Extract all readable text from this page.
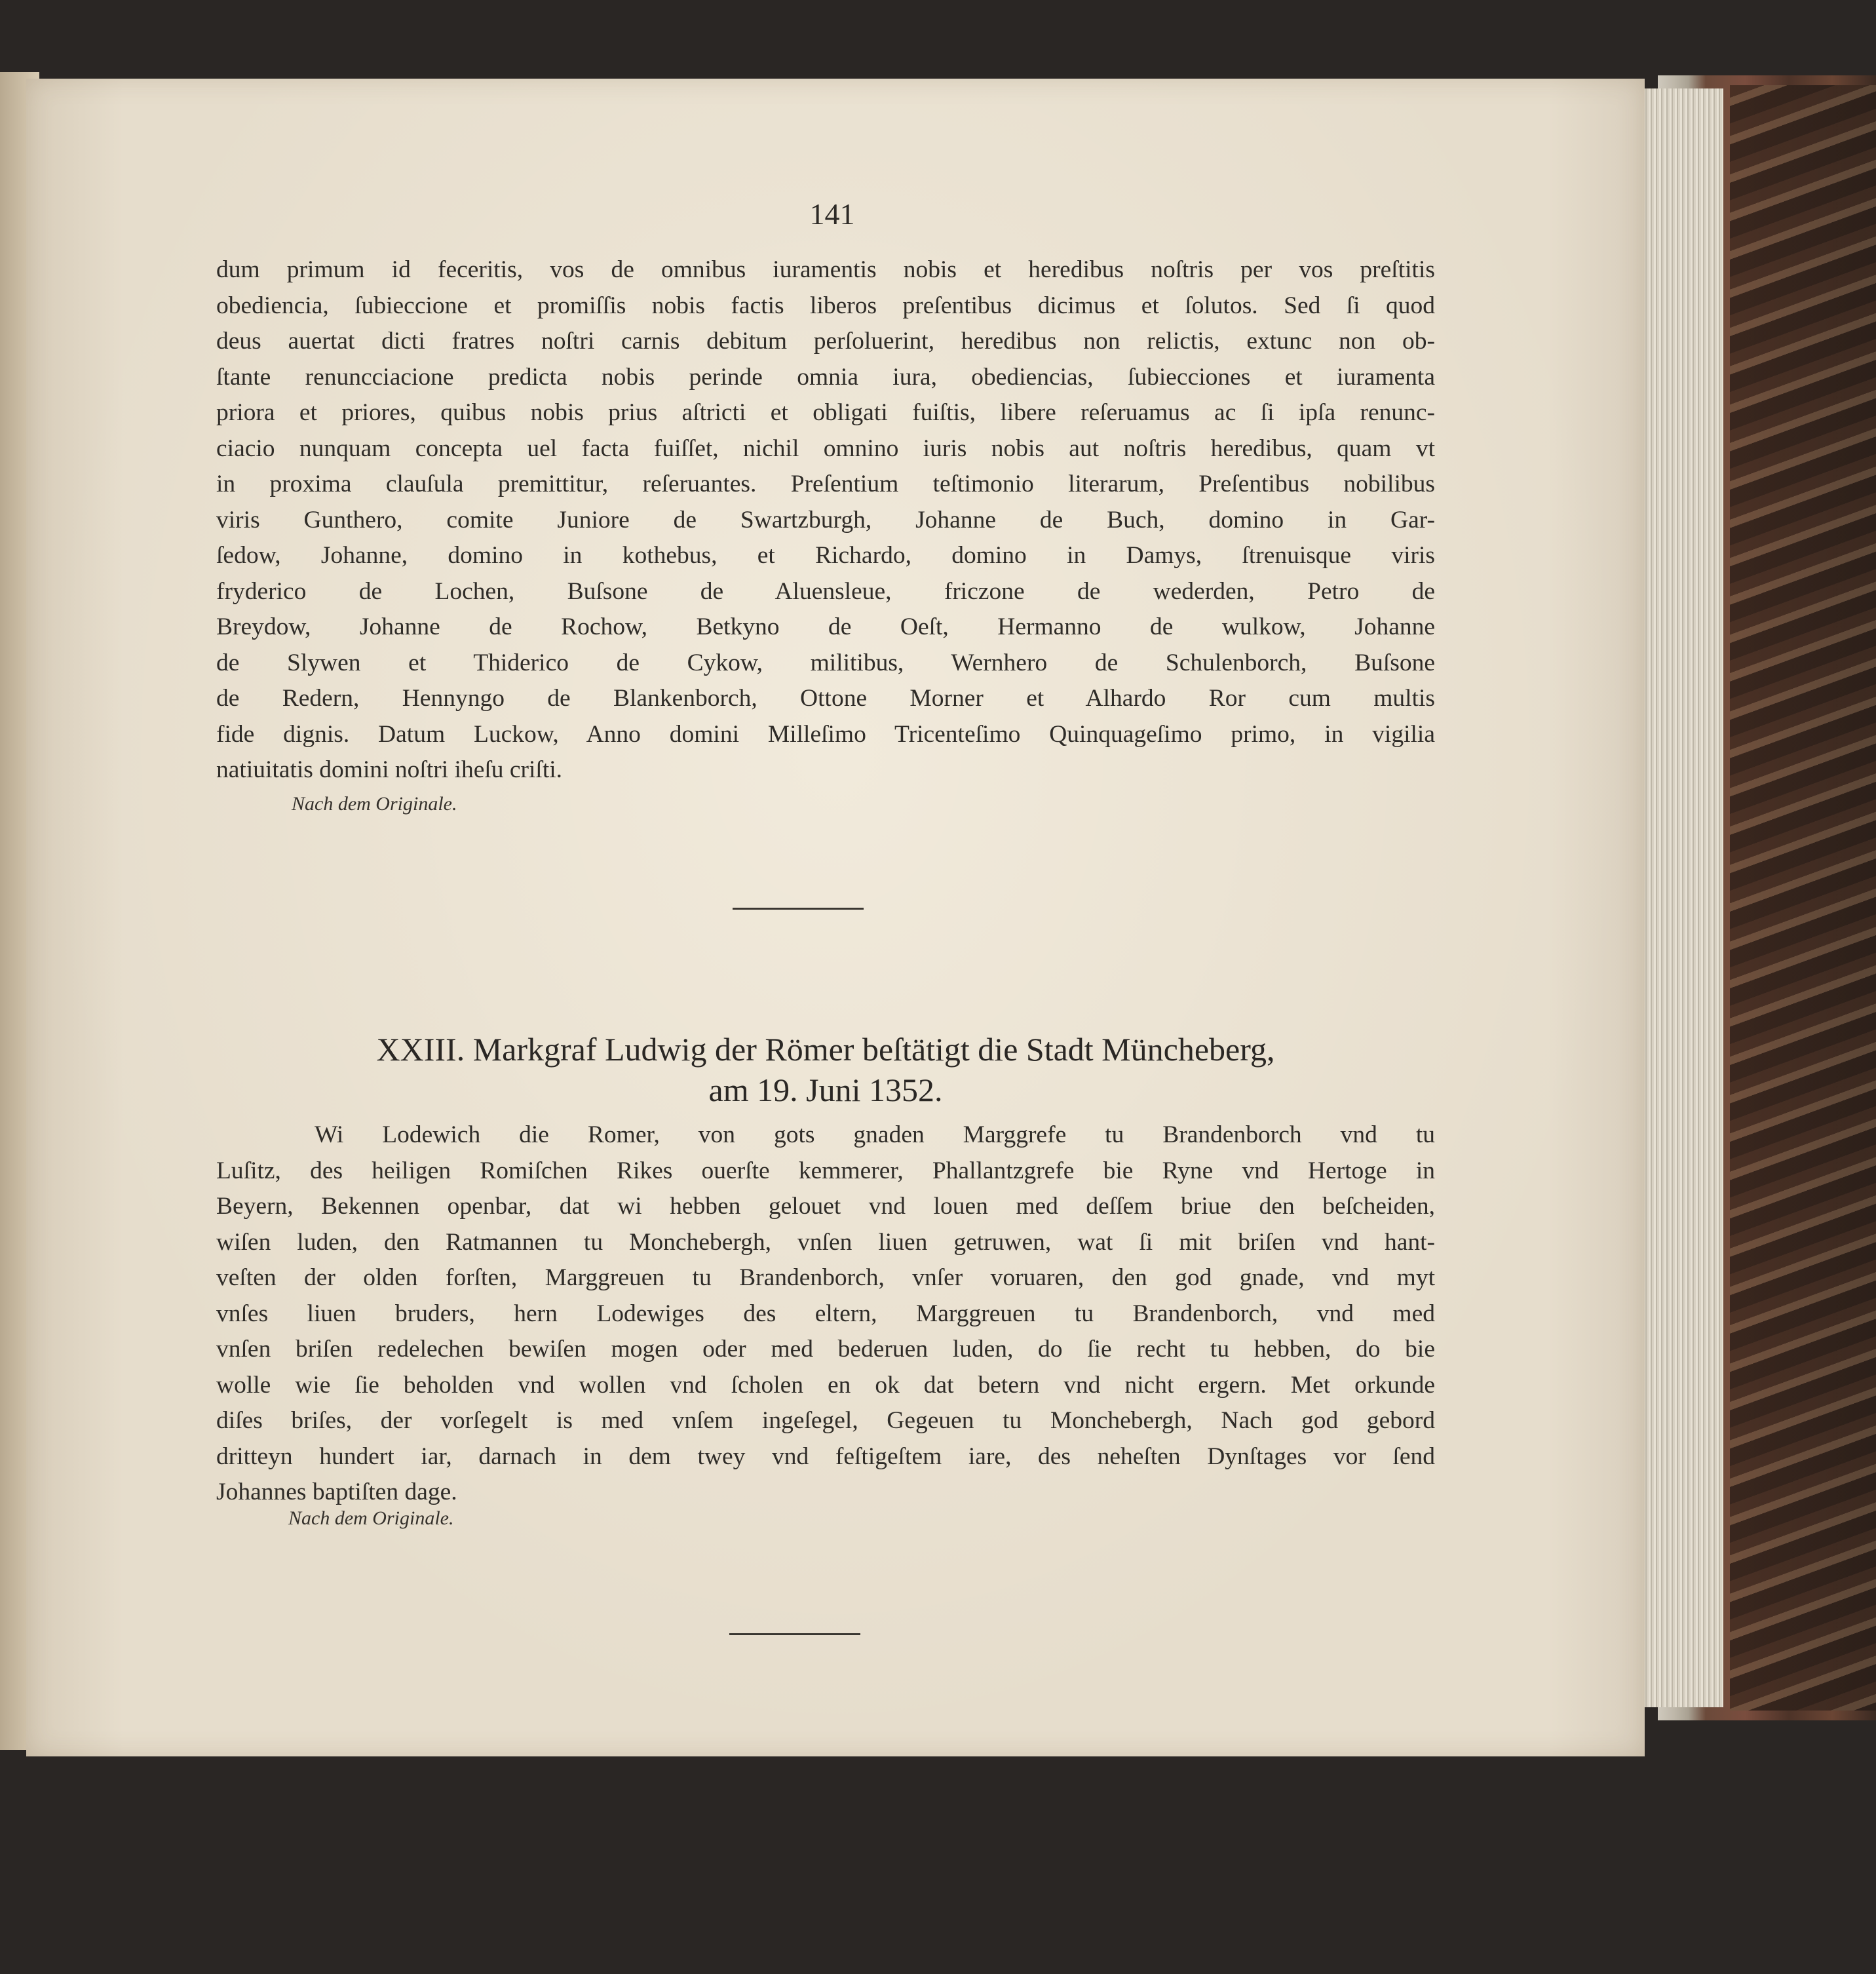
141
dum primum id feceritis, vos de omnibus iuramentis nobis et heredibus noſtris per vos preſtitis
obediencia, ſubieccione et promiſſis nobis factis liberos preſentibus dicimus et ſolutos. Sed ſi quod
deus auertat dicti fratres noſtri carnis debitum perſoluerint, heredibus non relictis, extunc non ob-
ſtante renuncciacione predicta nobis perinde omnia iura, obediencias, ſubiecciones et iuramenta
priora et priores, quibus nobis prius aſtricti et obligati fuiſtis, libere reſeruamus ac ſi ipſa renunc-
ciacio nunquam concepta uel facta fuiſſet, nichil omnino iuris nobis aut noſtris heredibus, quam vt
in proxima clauſula premittitur, reſeruantes. Preſentium teſtimonio literarum, Preſentibus nobilibus
viris Gunthero, comite Juniore de Swartzburgh, Johanne de Buch, domino in Gar-
ſedow, Johanne, domino in kothebus, et Richardo, domino in Damys, ſtrenuisque viris
fryderico de Lochen, Buſsone de Aluensleue, friczone de wederden, Petro de
Breydow, Johanne de Rochow, Betkyno de Oeſt, Hermanno de wulkow, Johanne
de Slywen et Thiderico de Cykow, militibus, Wernhero de Schulenborch, Buſsone
de Redern, Hennyngo de Blankenborch, Ottone Morner et Alhardo Ror cum multis
fide dignis. Datum Luckow, Anno domini Milleſimo Tricenteſimo Quinquageſimo primo, in vigilia
natiuitatis domini noſtri iheſu criſti.
Nach dem Originale.
XXIII. Markgraf Ludwig der Römer beſtätigt die Stadt Müncheberg,
am 19. Juni 1352.
Wi Lodewich die Romer, von gots gnaden Marggrefe tu Brandenborch vnd tu
Luſitz, des heiligen Romiſchen Rikes ouerſte kemmerer, Phallantzgrefe bie Ryne vnd Hertoge in
Beyern, Bekennen openbar, dat wi hebben gelouet vnd louen med deſſem briue den beſcheiden,
wiſen luden, den Ratmannen tu Monchebergh, vnſen liuen getruwen, wat ſi mit briſen vnd hant-
veſten der olden forſten, Marggreuen tu Brandenborch, vnſer voruaren, den god gnade, vnd myt
vnſes liuen bruders, hern Lodewiges des eltern, Marggreuen tu Brandenborch, vnd med
vnſen briſen redelechen bewiſen mogen oder med bederuen luden, do ſie recht tu hebben, do bie
wolle wie ſie beholden vnd wollen vnd ſcholen en ok dat betern vnd nicht ergern. Met orkunde
diſes briſes, der vorſegelt is med vnſem ingeſegel, Gegeuen tu Monchebergh, Nach god gebord
dritteyn hundert iar, darnach in dem twey vnd feſtigeſtem iare, des neheſten Dynſtages vor ſend
Johannes baptiſten dage.
Nach dem Originale.
